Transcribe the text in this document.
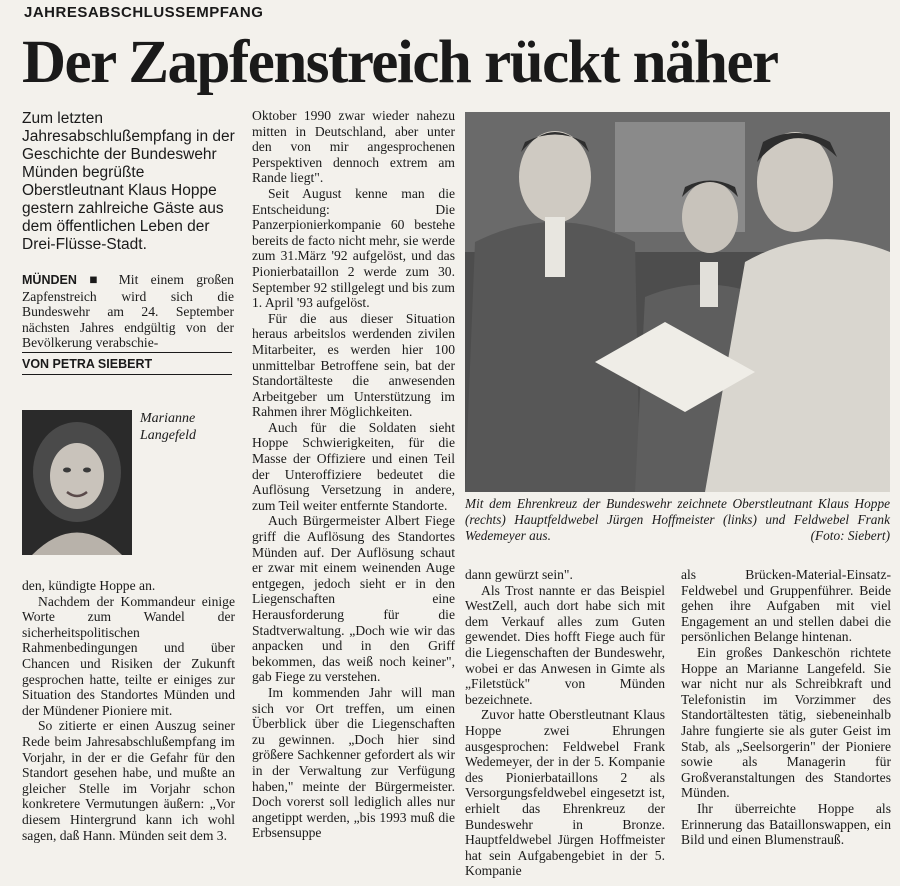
JAHRESABSCHLUSSEMPFANG
Der Zapfenstreich rückt näher
Zum letzten Jahresabschlußempfang in der Geschichte der Bundeswehr Münden begrüßte Oberstleutnant Klaus Hoppe gestern zahlreiche Gäste aus dem öffentlichen Leben der Drei-Flüsse-Stadt.

MÜNDEN ■ Mit einem großen Zapfenstreich wird sich die Bundeswehr am 24. September nächsten Jahres endgültig von der Bevölkerung verabschie-

VON PETRA SIEBERT
Marianne
Langefeld

Oktober 1990 zwar wieder nahezu mitten in Deutschland, aber unter den von mir angesprochenen Perspektiven dennoch extrem am Rande liegt".

Seit August kenne man die Entscheidung: Die Panzerpionierkompanie 60 bestehe bereits de facto nicht mehr, sie werde zum 31.März '92 aufgelöst, und das Pionierbataillon 2 werde zum 30. September 92 stillgelegt und bis zum 1. April '93 aufgelöst.

Für die aus dieser Situation heraus arbeitslos werdenden zivilen Mitarbeiter, es werden hier 100 unmittelbar Betroffene sein, bat der Standortälteste die anwesenden Arbeitgeber um Unterstützung im Rahmen ihrer Möglichkeiten.

Auch für die Soldaten sieht Hoppe Schwierigkeiten, für die Masse der Offiziere und einen Teil der Unteroffiziere bedeutet die Auflösung Versetzung in andere, zum Teil weiter entfernte Standorte.

Auch Bürgermeister Albert Fiege griff die Auflösung des Standortes Münden auf. Der Auflösung schaut er zwar mit einem weinenden Auge entgegen, jedoch sieht er in den Liegenschaften eine Herausforderung für die Stadtverwaltung. „Doch wie wir das anpacken und in den Griff bekommen, das weiß noch keiner", gab Fiege zu verstehen.

Im kommenden Jahr will man sich vor Ort treffen, um einen Überblick über die Liegenschaften zu gewinnen. „Doch hier sind größere Sachkenner gefordert als wir in der Verwaltung zur Verfügung haben," meinte der Bürgermeister. Doch vorerst soll lediglich alles nur angetippt werden, „bis 1993 muß die Erbsensuppe

Mit dem Ehrenkreuz der Bundeswehr zeichnete Oberstleutnant Klaus Hoppe (rechts) Hauptfeldwebel Jürgen Hoffmeister (links) und Feldwebel Frank Wedemeyer aus.	(Foto: Siebert)

den, kündigte Hoppe an.

Nachdem der Kommandeur einige Worte zum Wandel der sicherheitspolitischen Rahmenbedingungen und über Chancen und Risiken der Zukunft gesprochen hatte, teilte er einiges zur Situation des Standortes Münden und der Mündener Pioniere mit.

So zitierte er einen Auszug seiner Rede beim Jahresabschlußempfang im Vorjahr, in der er die Gefahr für den Standort gesehen habe, und mußte an gleicher Stelle im Vorjahr schon konkretere Vermutungen äußern: „Vor diesem Hintergrund kann ich wohl sagen, daß Hann. Münden seit dem 3.

dann gewürzt sein".

Als Trost nannte er das Beispiel WestZell, auch dort habe sich mit dem Verkauf alles zum Guten gewendet. Dies hofft Fiege auch für die Liegenschaften der Bundeswehr, wobei er das Anwesen in Gimte als „Filetstück" von Münden bezeichnete.

Zuvor hatte Oberstleutnant Klaus Hoppe zwei Ehrungen ausgesprochen: Feldwebel Frank Wedemeyer, der in der 5. Kompanie des Pionierbataillons 2 als Versorgungsfeldwebel eingesetzt ist, erhielt das Ehrenkreuz der Bundeswehr in Bronze. Hauptfeldwebel Jürgen Hoffmeister hat sein Aufgabengebiet in der 5. Kompanie

als Brücken-Material-Einsatz-Feldwebel und Gruppenführer. Beide gehen ihre Aufgaben mit viel Engagement an und stellen dabei die persönlichen Belange hintenan.

Ein großes Dankeschön richtete Hoppe an Marianne Langefeld. Sie war nicht nur als Schreibkraft und Telefonistin im Vorzimmer des Standortältesten tätig, siebeneinhalb Jahre fungierte sie als guter Geist im Stab, als „Seelsorgerin" der Pioniere sowie als Managerin für Großveranstaltungen des Standortes Münden.

Ihr überreichte Hoppe als Erinnerung das Bataillonswappen, ein Bild und einen Blumenstrauß.
